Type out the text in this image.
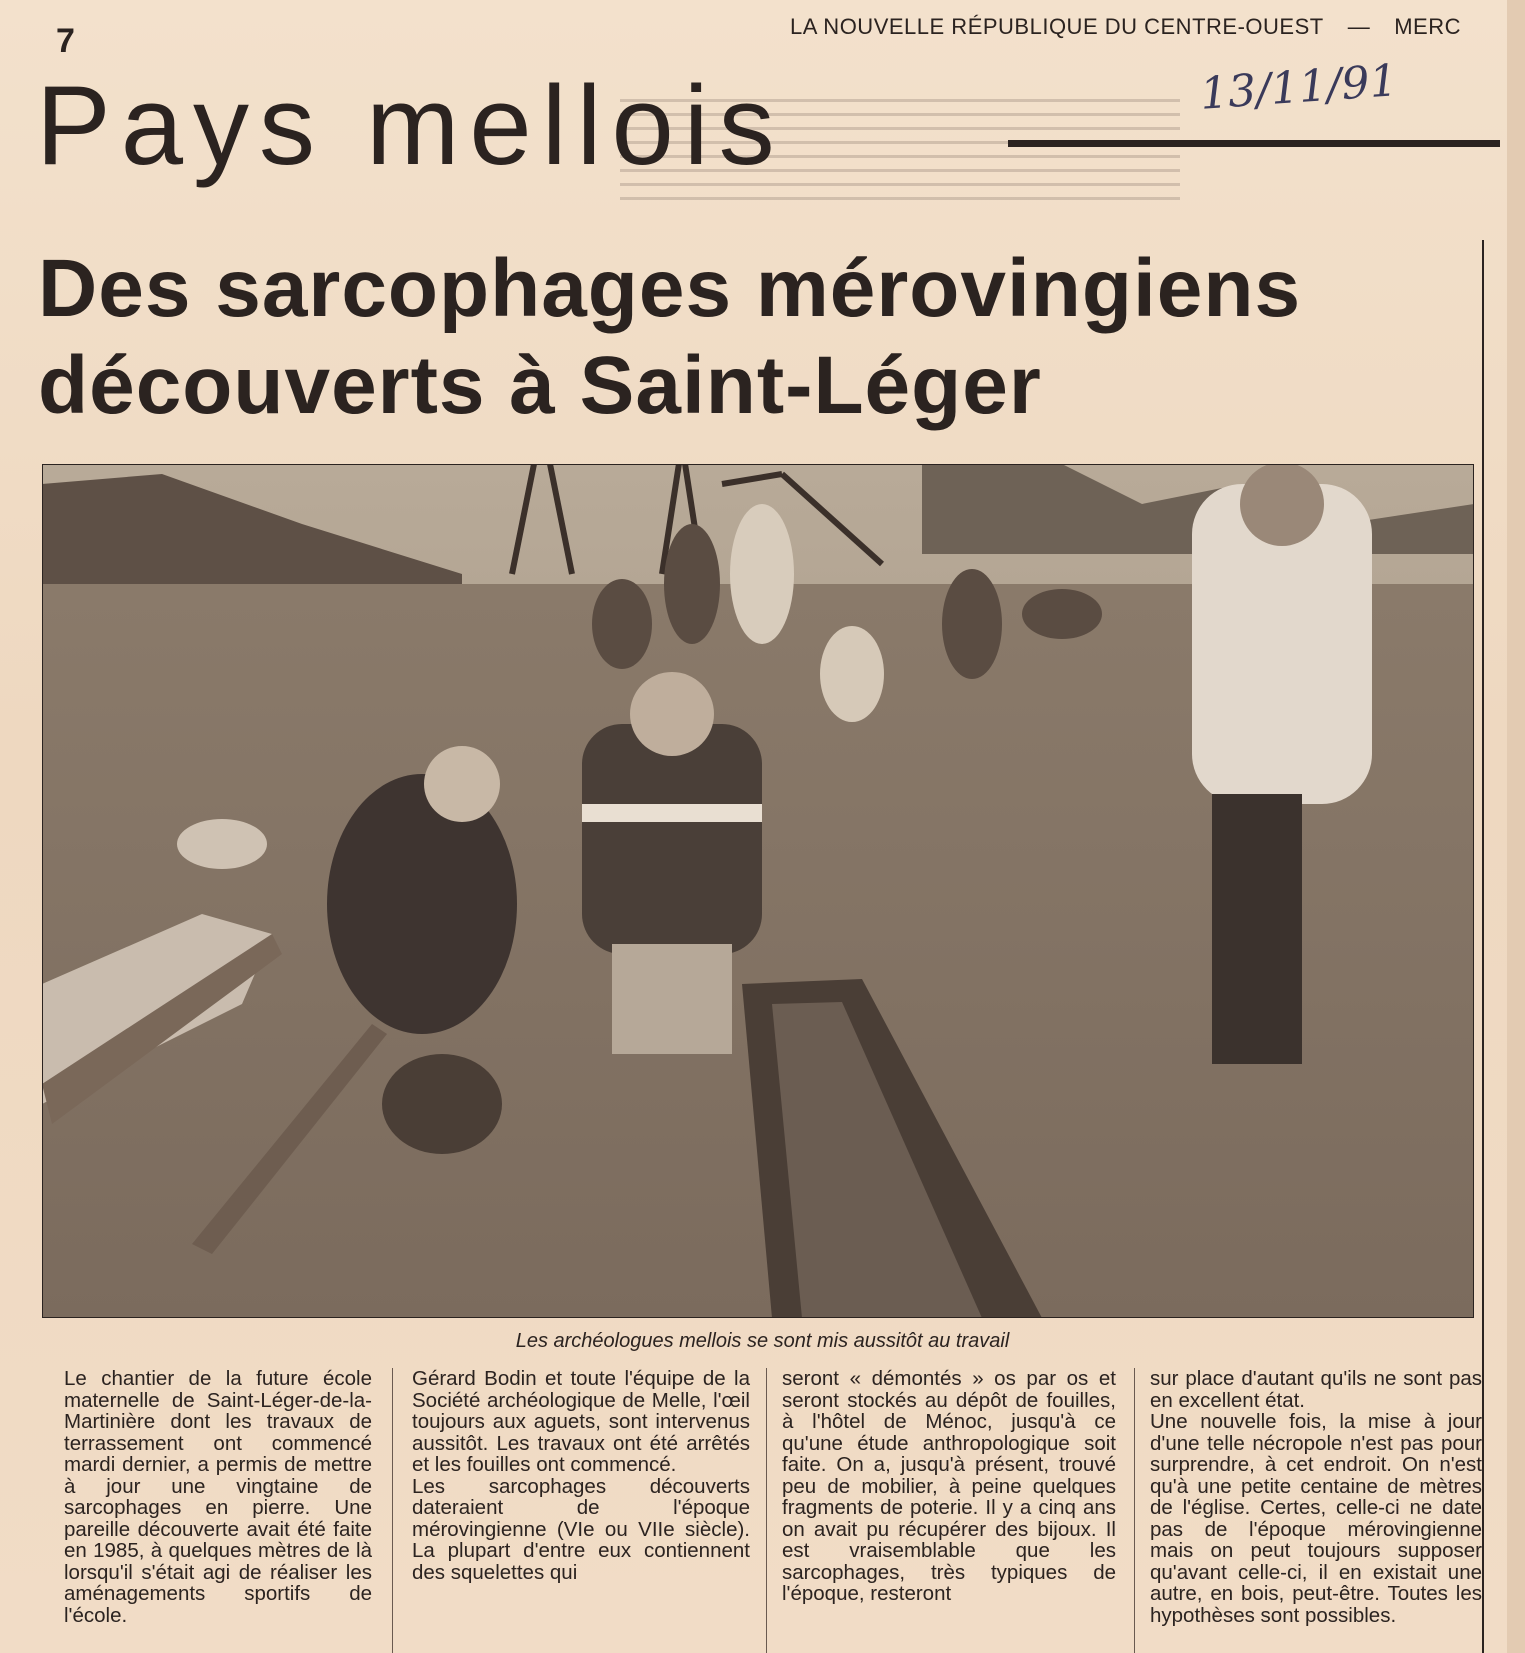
7	LA NOUVELLE RÉPUBLIQUE DU CENTRE-OUEST — MERC
13/11/91
Pays mellois
Des sarcophages mérovingiens
découverts à Saint-Léger
Les archéologues mellois se sont mis aussitôt au travail
Le chantier de la future école maternelle de Saint-Léger-de-la-Martinière dont les travaux de terrassement ont commencé mardi dernier, a permis de mettre à jour une vingtaine de sarcophages en pierre. Une pareille découverte avait été faite en 1985, à quelques mètres de là lorsqu'il s'était agi de réaliser les aménagements sportifs de l'école.
Gérard Bodin et toute l'équipe de la Société archéologique de Melle, l'œil toujours aux aguets, sont intervenus aussitôt. Les travaux ont été arrêtés et les fouilles ont commencé.
Les sarcophages découverts dateraient de l'époque mérovingienne (VIe ou VIIe siècle). La plupart d'entre eux contiennent des squelettes qui
seront « démontés » os par os et seront stockés au dépôt de fouilles, à l'hôtel de Ménoc, jusqu'à ce qu'une étude anthropologique soit faite. On a, jusqu'à présent, trouvé peu de mobilier, à peine quelques fragments de poterie. Il y a cinq ans on avait pu récupérer des bijoux. Il est vraisemblable que les sarcophages, très typiques de l'époque, resteront
sur place d'autant qu'ils ne sont pas en excellent état.
Une nouvelle fois, la mise à jour d'une telle nécropole n'est pas pour surprendre, à cet endroit. On n'est qu'à une petite centaine de mètres de l'église. Certes, celle-ci ne date pas de l'époque mérovingienne mais on peut toujours supposer qu'avant celle-ci, il en existait une autre, en bois, peut-être. Toutes les hypothèses sont possibles.
